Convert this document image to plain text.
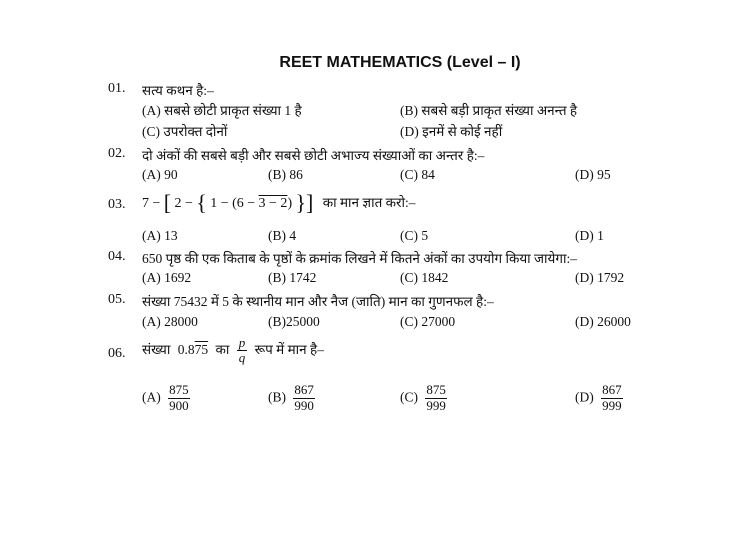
REET MATHEMATICS (Level – I)
01. सत्य कथन है:–
(A) सबसे छोटी प्राकृत संख्या 1 है	(B) सबसे बड़ी प्राकृत संख्या अनन्त है
(C) उपरोक्त दोनों	(D) इनमें से कोई नहीं
02. दो अंकों की सबसे बड़ी और सबसे छोटी अभाज्य संख्याओं का अन्तर है:–
(A) 90	(B) 86	(C) 84	(D) 95
03. 7 − [ 2 − { 1 − (6 − 3 − 2) }] का मान ज्ञात करो:–
(A) 13	(B) 4	(C) 5	(D) 1
04. 650 पृष्ठ की एक किताब के पृष्ठों के क्रमांक लिखने में कितने अंकों का उपयोग किया जायेगा:–
(A) 1692	(B) 1742	(C) 1842	(D) 1792
05. संख्या 75432 में 5 के स्थानीय मान और नैज (जाति) मान का गुणनफल है:–
(A) 28000	(B)25000	(C) 27000	(D) 26000
06. संख्या 0.875 का $\frac{p}{q}$ रूप में मान है–
$(A) \frac{875}{900}$	$(B) \frac{867}{990}$	$(C) \frac{875}{999}$	$(D) \frac{867}{999}$
